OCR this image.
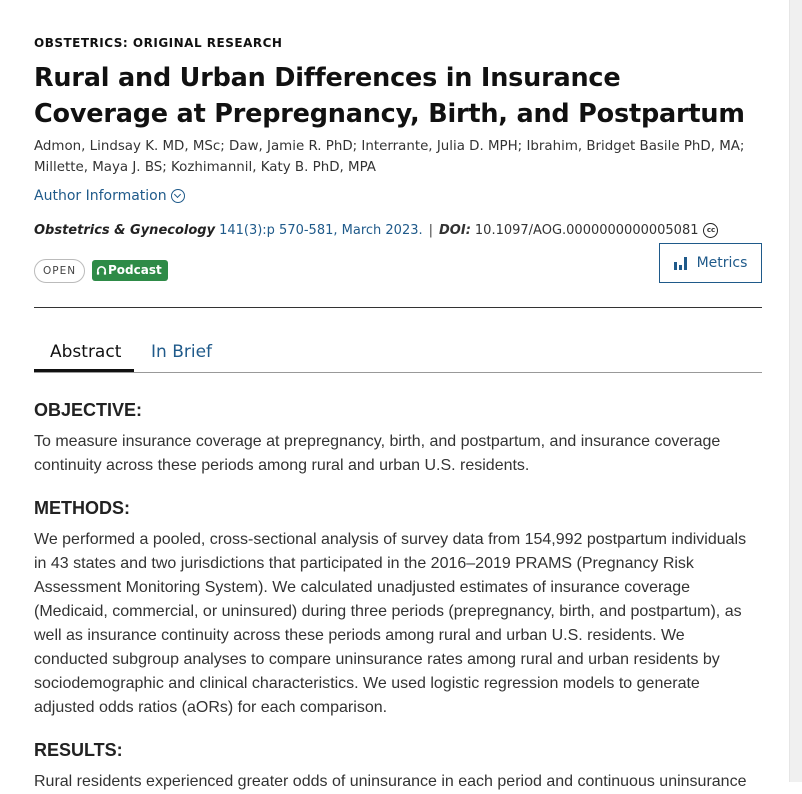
OBSTETRICS: ORIGINAL RESEARCH
Rural and Urban Differences in Insurance Coverage at Prepregnancy, Birth, and Postpartum
Admon, Lindsay K. MD, MSc; Daw, Jamie R. PhD; Interrante, Julia D. MPH; Ibrahim, Bridget Basile PhD, MA; Millette, Maya J. BS; Kozhimannil, Katy B. PhD, MPA
Author Information
Obstetrics & Gynecology 141(3):p 570-581, March 2023. | DOI: 10.1097/AOG.0000000000005081	cc
OPEN	Podcast	Metrics
Abstract In Brief
OBJECTIVE:

To measure insurance coverage at prepregnancy, birth, and postpartum, and insurance coverage continuity across these periods among rural and urban U.S. residents.

METHODS:

We performed a pooled, cross-sectional analysis of survey data from 154,992 postpartum individuals in 43 states and two jurisdictions that participated in the 2016–2019 PRAMS (Pregnancy Risk Assessment Monitoring System). We calculated unadjusted estimates of insurance coverage (Medicaid, commercial, or uninsured) during three periods (prepregnancy, birth, and postpartum), as well as insurance continuity across these periods among rural and urban U.S. residents. We conducted subgroup analyses to compare uninsurance rates among rural and urban residents by sociodemographic and clinical characteristics. We used logistic regression models to generate adjusted odds ratios (aORs) for each comparison.

RESULTS:

Rural residents experienced greater odds of uninsurance in each period and continuous uninsurance
